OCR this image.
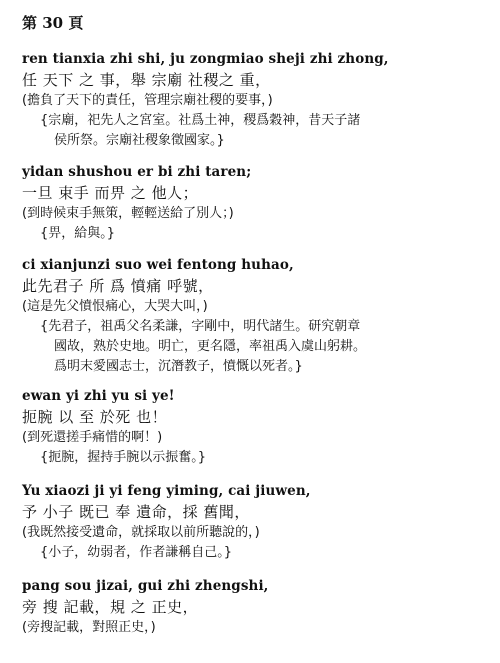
第 30 頁
ren tianxia zhi shi, ju zongmiao sheji zhi zhong,
任 天下 之 事，舉 宗廟 社稷之 重，
(擔負了天下的責任，管理宗廟社稷的要事，)
{宗廟，祀先人之宮室。社爲土神，稷爲穀神，昔天子諸
侯所祭。宗廟社稷象徵國家。}
yidan shushou er bi zhi taren;
一旦 束手 而畀 之 他人；
(到時候束手無策，輕輕送給了別人；)
{畀，給與。}
ci xianjunzi suo wei fentong huhao,
此先君子 所 爲 憤痛 呼號，
(這是先父憤恨痛心，大哭大叫，)
{先君子，祖禹父名柔謙，字剛中，明代諸生。研究朝章
國故，熟於史地。明亡，更名隱，率祖禹入虞山躬耕。
爲明末愛國志士，沉潛教子，憤慨以死者。}
ewan yi zhi yu si ye!
扼腕 以 至 於死 也！
(到死還搓手痛惜的啊！)
{扼腕，握持手腕以示振奮。}
Yu xiaozi ji yi feng yiming, cai jiuwen,
予 小子 既已 奉 遺命，採 舊聞，
(我既然接受遺命，就採取以前所聽說的，)
{小子，幼弱者，作者謙稱自己。}
pang sou jizai, gui zhi zhengshi,
旁 搜 記載，規 之 正史，
(旁搜記載，對照正史，)
